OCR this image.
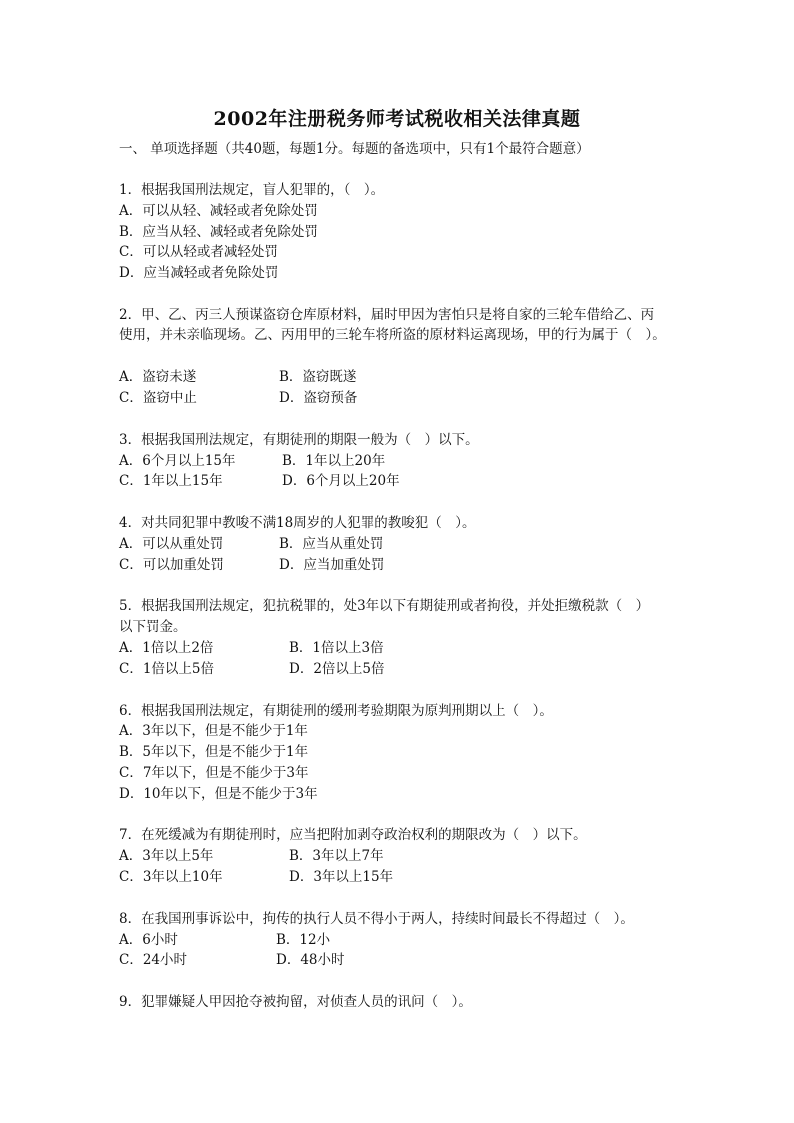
2002年注册税务师考试税收相关法律真题
一、 单项选择题（共40题，每题1分。每题的备选项中，只有1个最符合题意）
1．根据我国刑法规定，盲人犯罪的，（　）。
A．可以从轻、减轻或者免除处罚
B．应当从轻、减轻或者免除处罚
C．可以从轻或者减轻处罚
D．应当减轻或者免除处罚
2．甲、乙、丙三人预谋盗窃仓库原材料，届时甲因为害怕只是将自家的三轮车借给乙、丙
使用，并未亲临现场。乙、丙用甲的三轮车将所盗的原材料运离现场，甲的行为属于（　）。
A．盗窃未遂	B．盗窃既遂
C．盗窃中止	D．盗窃预备
3．根据我国刑法规定，有期徒刑的期限一般为（　）以下。
A．6个月以上15年	B．1年以上20年
C．1年以上15年	D．6个月以上20年
4．对共同犯罪中教唆不满18周岁的人犯罪的教唆犯（　）。
A．可以从重处罚	B．应当从重处罚
C．可以加重处罚	D．应当加重处罚
5．根据我国刑法规定，犯抗税罪的，处3年以下有期徒刑或者拘役，并处拒缴税款（　）
以下罚金。
A．1倍以上2倍	B．1倍以上3倍
C．1倍以上5倍	D．2倍以上5倍
6．根据我国刑法规定，有期徒刑的缓刑考验期限为原判刑期以上（　）。
A．3年以下，但是不能少于1年
B．5年以下，但是不能少于1年
C．7年以下，但是不能少于3年
D．10年以下，但是不能少于3年
7．在死缓减为有期徒刑时，应当把附加剥夺政治权利的期限改为（　）以下。
A．3年以上5年	B．3年以上7年
C．3年以上10年	D．3年以上15年
8．在我国刑事诉讼中，拘传的执行人员不得小于两人，持续时间最长不得超过（　）。
A．6小时	B．12小
C．24小时	D．48小时
9．犯罪嫌疑人甲因抢夺被拘留，对侦查人员的讯问（　）。
